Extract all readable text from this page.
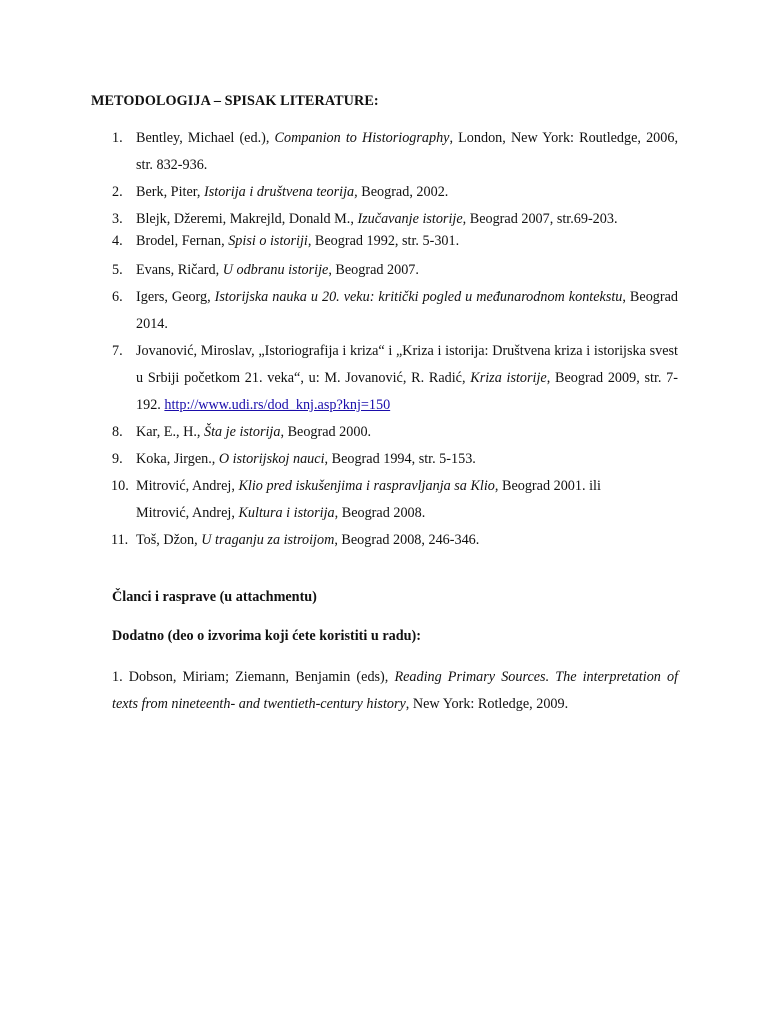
METODOLOGIJA – SPISAK LITERATURE:
1. Bentley, Michael (ed.), Companion to Historiography, London, New York: Routledge, 2006, str. 832-936.
2. Berk, Piter, Istorija i društvena teorija, Beograd, 2002.
3. Blejk, Džeremi, Makrejld, Donald M., Izučavanje istorije, Beograd 2007, str.69-203.
4. Brodel, Fernan, Spisi o istoriji, Beograd 1992, str. 5-301.
5. Evans, Ričard, U odbranu istorije, Beograd 2007.
6. Igers, Georg, Istorijska nauka u 20. veku: kritički pogled u međunarodnom kontekstu, Beograd 2014.
7. Jovanović, Miroslav, „Istoriografija i kriza“ i „Kriza i istorija: Društvena kriza i istorijska svest u Srbiji početkom 21. veka“, u: M. Jovanović, R. Radić, Kriza istorije, Beograd 2009, str. 7-192. http://www.udi.rs/dod_knj.asp?knj=150
8. Kar, E., H., Šta je istorija, Beograd 2000.
9. Koka, Jirgen., O istorijskoj nauci, Beograd 1994, str. 5-153.
10. Mitrović, Andrej, Klio pred iskušenjima i raspravljanja sa Klio, Beograd 2001. ili
Mitrović, Andrej, Kultura i istorija, Beograd 2008.
11. Toš, Džon, U traganju za istroijom, Beograd 2008, 246-346.
Članci i rasprave (u attachmentu)
Dodatno (deo o izvorima koji ćete koristiti u radu):
1. Dobson, Miriam; Ziemann, Benjamin (eds), Reading Primary Sources. The interpretation of texts from nineteenth- and twentieth-century history, New York: Rotledge, 2009.
